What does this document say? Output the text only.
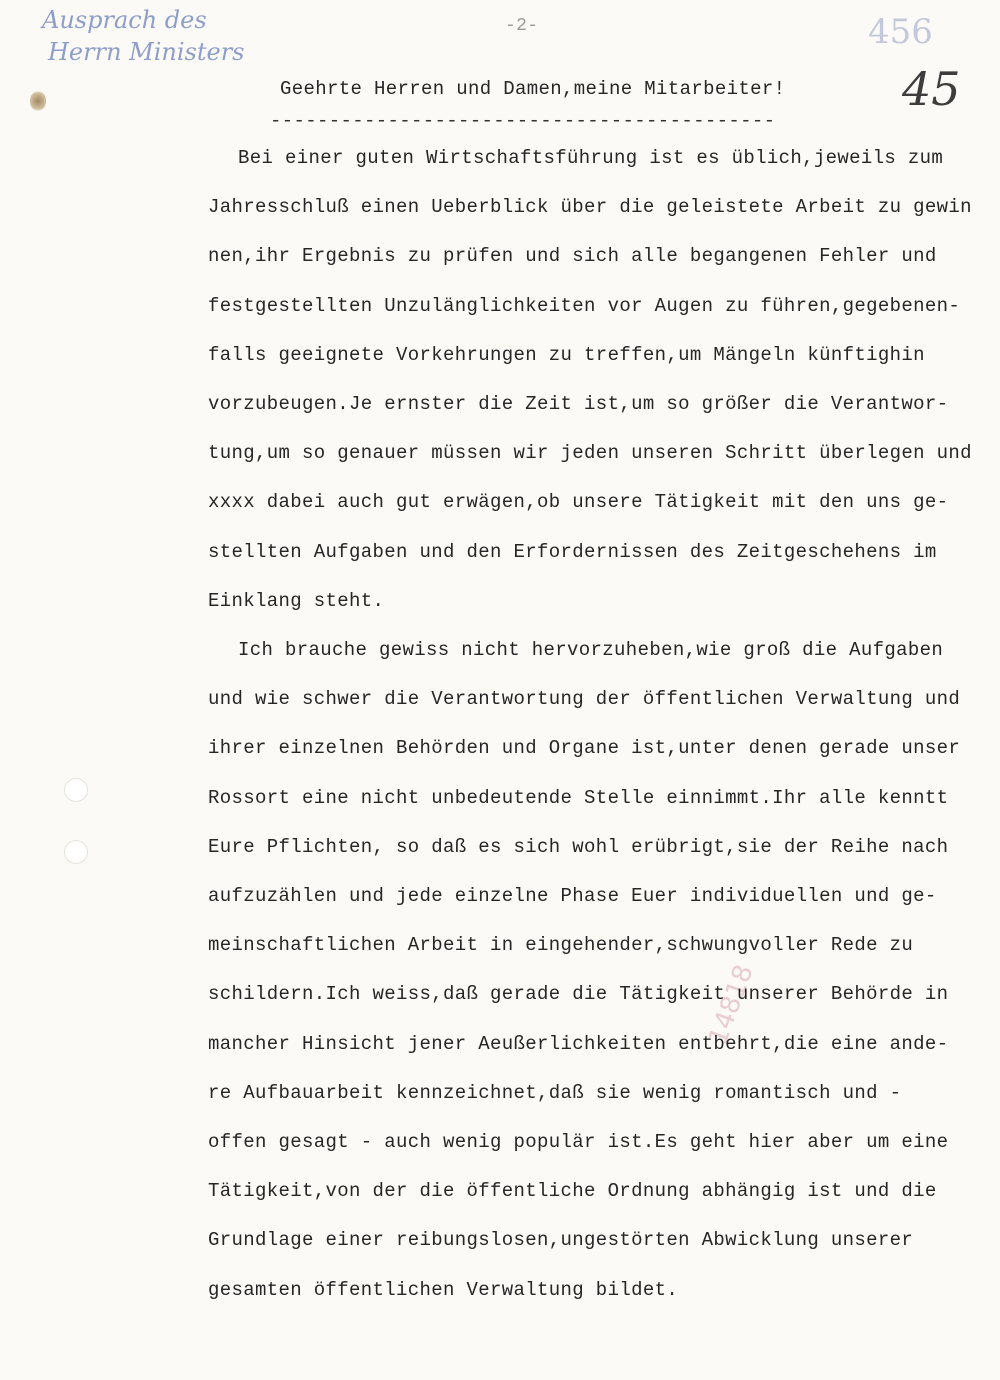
Ausprach des
Herrn Ministers
-2-	456
45
14818
Geehrte Herren und Damen,meine Mitarbeiter!
-------------------------------------------
Bei einer guten Wirtschaftsführung ist es üblich,jeweils zum
Jahresschluß einen Ueberblick über die geleistete Arbeit zu gewin
nen,ihr Ergebnis zu prüfen und sich alle begangenen Fehler und
festgestellten Unzulänglichkeiten vor Augen zu führen,gegebenen-
falls geeignete Vorkehrungen zu treffen,um Mängeln künftighin
vorzubeugen.Je ernster die Zeit ist,um so größer die Verantwor-
tung,um so genauer müssen wir jeden unseren Schritt überlegen und
xxxx dabei auch gut erwägen,ob unsere Tätigkeit mit den uns ge-
stellten Aufgaben und den Erfordernissen des Zeitgeschehens im
Einklang steht.
Ich brauche gewiss nicht hervorzuheben,wie groß die Aufgaben
und wie schwer die Verantwortung der öffentlichen Verwaltung und
ihrer einzelnen Behörden und Organe ist,unter denen gerade unser
Rossort eine nicht unbedeutende Stelle einnimmt.Ihr alle kenntt
Eure Pflichten, so daß es sich wohl erübrigt,sie der Reihe nach
aufzuzählen und jede einzelne Phase Euer individuellen und ge-
meinschaftlichen Arbeit in eingehender,schwungvoller Rede zu
schildern.Ich weiss,daß gerade die Tätigkeit unserer Behörde in
mancher Hinsicht jener Aeußerlichkeiten entbehrt,die eine ande-
re Aufbauarbeit kennzeichnet,daß sie wenig romantisch und -
offen gesagt - auch wenig populär ist.Es geht hier aber um eine
Tätigkeit,von der die öffentliche Ordnung abhängig ist und die
Grundlage einer reibungslosen,ungestörten Abwicklung unserer
gesamten öffentlichen Verwaltung bildet.
